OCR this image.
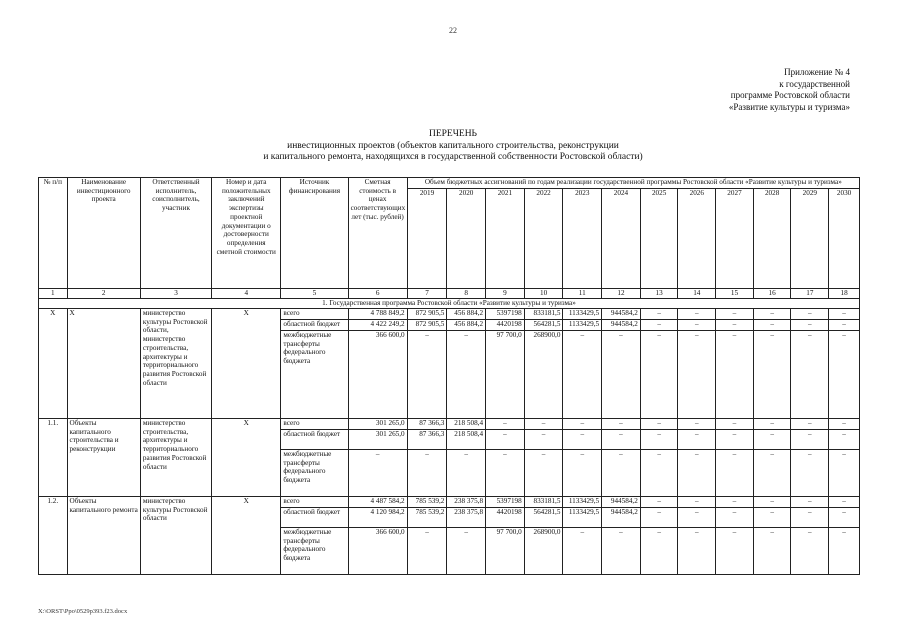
22
Приложение № 4
к государственной
программе Ростовской области
«Развитие культуры и туризма»
ПЕРЕЧЕНЬ
инвестиционных проектов (объектов капитального строительства, реконструкции
и капитального ремонта, находящихся в государственной собственности Ростовской области)
№ п/п	Наименование инвестиционного проекта	Ответственный исполнитель, соисполнитель, участник	Номер и дата положительных заключений экспертизы проектной документации о достоверности определения сметной стоимости	Источник финансирования	Сметная стоимость в ценах соответствующих лет (тыс. рублей)	Объем бюджетных ассигнований по годам реализации государственной программы Ростовской области «Развитие культуры и туризма»											
						2019	2020	2021	2022	2023	2024	2025	2026	2027	2028	2029	2030
1	2	3	4	5	6	7	8	9	10	11	12	13	14	15	16	17	18
1. Государственная программа Ростовской области «Развитие культуры и туризма»																	
Х	Х	министерство культуры Ростовской области, министерство строительства, архитектуры и территориального развития Ростовской области	Х	всего	4 788 849,2	872 905,5	456 884,2	5397198	833181,5	1133429,5	944584,2	–	–	–	–	–	–
				областной бюджет	4 422 249,2	872 905,5	456 884,2	4420198	564281,5	1133429,5	944584,2	–	–	–	–	–	–
				межбюджетные трансферты федерального бюджета	366 600,0	–	–	97 700,0	268900,0	–	–	–	–	–	–	–	–
1.1.	Объекты капитального строительства и реконструкции	министерство строительства, архитектуры и территориального развития Ростовской области	Х	всего	301 265,0	87 366,3	218 508,4	–	–	–	–	–	–	–	–	–	–
				областной бюджет	301 265,0	87 366,3	218 508,4	–	–	–	–	–	–	–	–	–	–
				межбюджетные трансферты федерального бюджета	–	–	–	–	–	–	–	–	–	–	–	–	–
1.2.	Объекты капитального ремонта	министерство культуры Ростовской области	Х	всего	4 487 584,2	785 539,2	238 375,8	5397198	833181,5	1133429,5	944584,2	–	–	–	–	–	–
				областной бюджет	4 120 984,2	785 539,2	238 375,8	4420198	564281,5	1133429,5	944584,2	–	–	–	–	–	–
				межбюджетные трансферты федерального бюджета	366 600,0	–	–	97 700,0	268900,0	–	–	–	–	–	–	–	–
X:\ORST\Ppo\0529p393.f23.docx
